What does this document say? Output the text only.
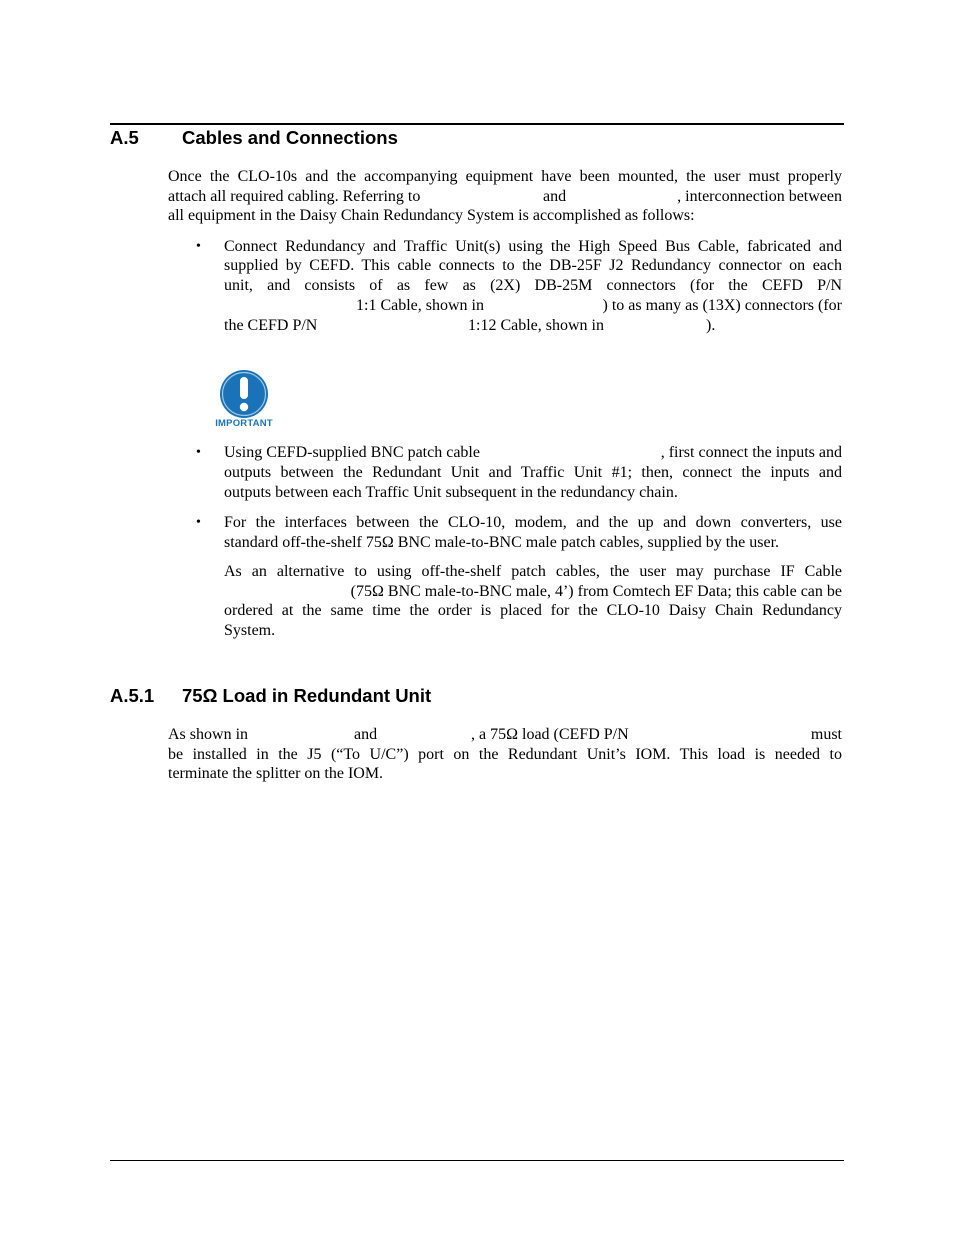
A.5 Cables and Connections
Once the CLO-10s and the accompanying equipment have been mounted, the user must properly
attach all required cabling. Referring to	and	, interconnection between
all equipment in the Daisy Chain Redundancy System is accomplished as follows:
• Connect Redundancy and Traffic Unit(s) using the High Speed Bus Cable, fabricated and
supplied by CEFD. This cable connects to the DB-25F J2 Redundancy connector on each
unit, and consists of as few as (2X) DB-25M connectors (for the CEFD P/N
1:1 Cable, shown in	) to as many as (13X) connectors (for
the CEFD P/N	1:12 Cable, shown in	).
IMPORTANT
• Using CEFD-supplied BNC patch cable	, first connect the inputs and
outputs between the Redundant Unit and Traffic Unit #1; then, connect the inputs and
outputs between each Traffic Unit subsequent in the redundancy chain.
• For the interfaces between the CLO-10, modem, and the up and down converters, use
standard off-the-shelf 75Ω BNC male-to-BNC male patch cables, supplied by the user.
As an alternative to using off-the-shelf patch cables, the user may purchase IF Cable
(75Ω BNC male-to-BNC male, 4’) from Comtech EF Data; this cable can be
ordered at the same time the order is placed for the CLO-10 Daisy Chain Redundancy
System.
A.5.1 75Ω Load in Redundant Unit
As shown in	and	, a 75Ω load (CEFD P/N	must
be installed in the J5 (“To U/C”) port on the Redundant Unit’s IOM. This load is needed to
terminate the splitter on the IOM.
